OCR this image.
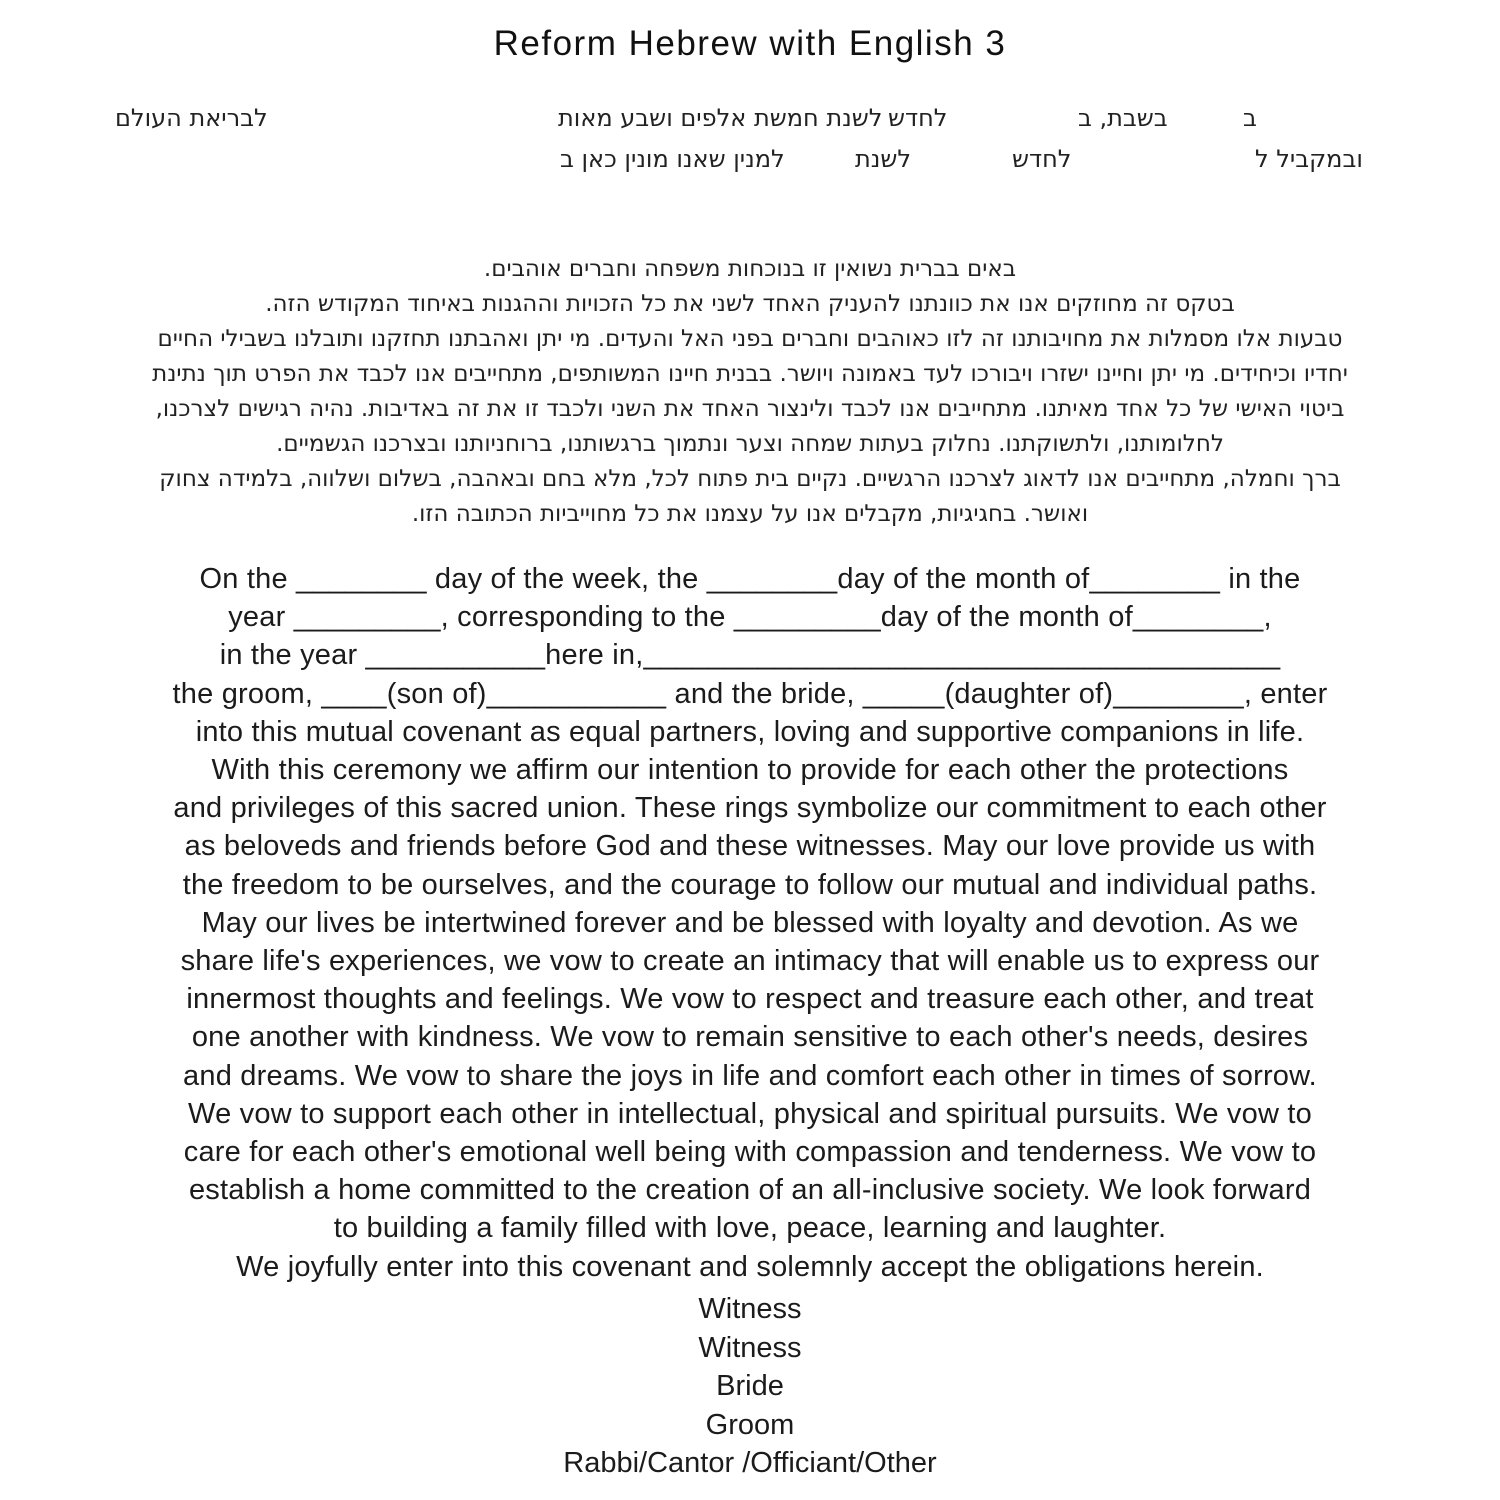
Reform Hebrew with English 3
ב
בשבת, ב
לחדש
לשנת חמשת אלפים ושבע מאות
לבריאת העולם
ובמקביל ל
לחדש
לשנת
למנין שאנו מונין כאן ב
באים בברית נשואין זו בנוכחות משפחה וחברים אוהבים.
בטקס זה מחוזקים אנו את כוונתנו להעניק האחד לשני את כל הזכויות וההגנות באיחוד המקודש הזה.
טבעות אלו מסמלות את מחויבותנו זה לזו כאוהבים וחברים בפני האל והעדים. מי יתן ואהבתנו תחזקנו ותובלנו בשבילי החיים
יחדיו וכיחידים. מי יתן וחיינו ישזרו ויבורכו לעד באמונה ויושר. בבנית חיינו המשותפים, מתחייבים אנו לכבד את הפרט תוך נתינת
ביטוי האישי של כל אחד מאיתנו. מתחייבים אנו לכבד ולינצור האחד את השני ולכבד זו את זה באדיבות. נהיה רגישים לצרכנו,
לחלומותנו, ולתשוקתנו. נחלוק בעתות שמחה וצער ונתמוך ברגשותנו, ברוחניותנו ובצרכנו הגשמיים.
ברך וחמלה, מתחייבים אנו לדאוג לצרכנו הרגשיים. נקיים בית פתוח לכל, מלא בחם ובאהבה, בשלום ושלווה, בלמידה צחוק
ואושר. בחגיגיות, מקבלים אנו על עצמנו את כל מחוייביות הכתובה הזו.
On the ________ day of the week, the ________day of the month of________ in the
year _________, corresponding to the _________day of the month of________,
in the year ___________here in,_______________________________________
the groom, ____(son of)___________ and the bride, _____(daughter of)________, enter
into this mutual covenant as equal partners, loving and supportive companions in life.
With this ceremony we affirm our intention to provide for each other the protections
and privileges of this sacred union. These rings symbolize our commitment to each other
as beloveds and friends before God and these witnesses. May our love provide us with
the freedom to be ourselves, and the courage to follow our mutual and individual paths.
May our lives be intertwined forever and be blessed with loyalty and devotion. As we
share life's experiences, we vow to create an intimacy that will enable us to express our
innermost thoughts and feelings. We vow to respect and treasure each other, and treat
one another with kindness. We vow to remain sensitive to each other's needs, desires
and dreams. We vow to share the joys in life and comfort each other in times of sorrow.
We vow to support each other in intellectual, physical and spiritual pursuits. We vow to
care for each other's emotional well being with compassion and tenderness. We vow to
establish a home committed to the creation of an all-inclusive society. We look forward
to building a family filled with love, peace, learning and laughter.
We joyfully enter into this covenant and solemnly accept the obligations herein.
Witness
Witness
Bride
Groom
Rabbi/Cantor /Officiant/Other
